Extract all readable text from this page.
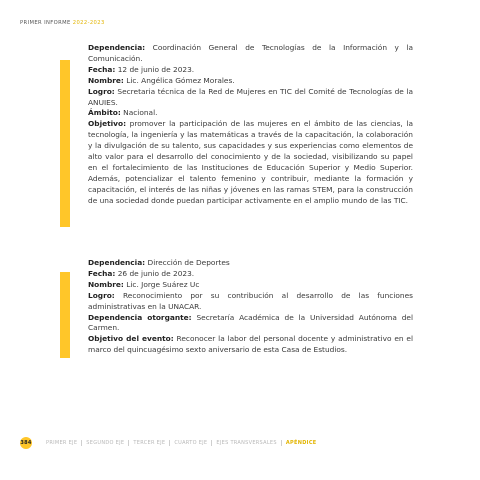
PRIMER INFORME 2022-2023

Dependencia: Coordinación General de Tecnologías de la Información y la Comunicación.

Fecha: 12 de junio de 2023.

Nombre: Lic. Angélica Gómez Morales.

Logro: Secretaria técnica de la Red de Mujeres en TIC del Comité de Tecnologías de la ANUIES.

Ámbito: Nacional.

Objetivo: promover la participación de las mujeres en el ámbito de las ciencias, la tecnología, la ingeniería y las matemáticas a través de la capacitación, la colaboración y la divulgación de su talento, sus capacidades y sus experiencias como elementos de alto valor para el desarrollo del conocimiento y de la sociedad, visibilizando su papel en el fortalecimiento de las Instituciones de Educación Superior y Medio Superior. Además, potencializar el talento femenino y contribuir, mediante la formación y capacitación, el interés de las niñas y jóvenes en las ramas STEM, para la construcción de una sociedad donde puedan participar activamente en el amplio mundo de las TIC.

Dependencia: Dirección de Deportes

Fecha: 26 de junio de 2023.

Nombre: Lic. Jorge Suárez Uc

Logro: Reconocimiento por su contribución al desarrollo de las funciones administrativas en la UNACAR.

Dependencia otorgante: Secretaría Académica de la Universidad Autónoma del Carmen.

Objetivo del evento: Reconocer la labor del personal docente y administrativo en el marco del quincuagésimo sexto aniversario de esta Casa de Estudios.

384	PRIMER EJE	SEGUNDO EJE	TERCER EJE	CUARTO EJE	EJES TRANSVERSALES	APÉNDICE
